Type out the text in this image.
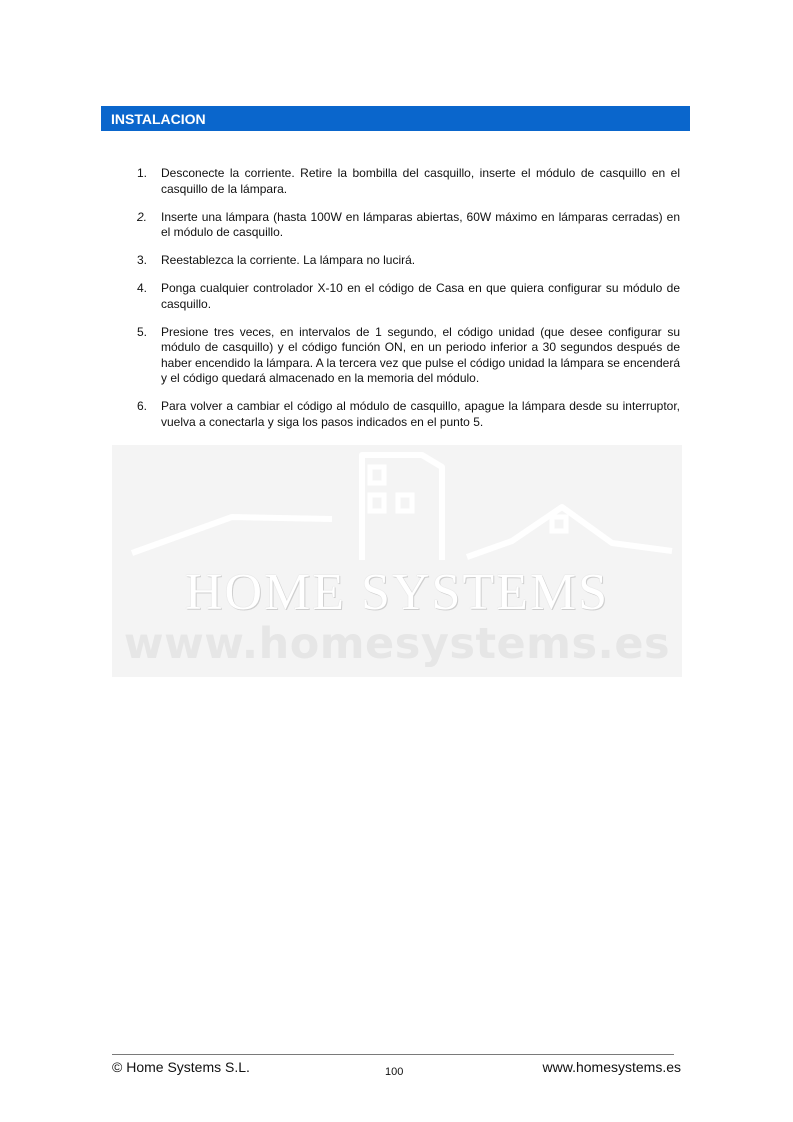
INSTALACION
1.	Desconecte la corriente. Retire la bombilla del casquillo, inserte el módulo de casquillo en el casquillo de la lámpara.
2.	Inserte una lámpara (hasta 100W en lámparas abiertas, 60W máximo en lámparas cerradas) en el módulo de casquillo.
3.	Reestablezca la corriente. La lámpara no lucirá.
4.	Ponga cualquier controlador X-10 en el código de Casa en que quiera configurar su módulo de casquillo.
5.	Presione tres veces, en intervalos de 1 segundo, el código unidad (que desee configurar su módulo de casquillo) y el código función ON, en un periodo inferior a 30 segundos después de haber encendido la lámpara. A la tercera vez que pulse el código unidad la lámpara se encenderá y el código quedará almacenado en la memoria del módulo.
6.	Para volver a cambiar el código al módulo de casquillo, apague la lámpara desde su interruptor, vuelva a conectarla y siga los pasos indicados en el punto 5.
HOME SYSTEMS
www.homesystems.es
© Home Systems S.L.	100	www.homesystems.es
